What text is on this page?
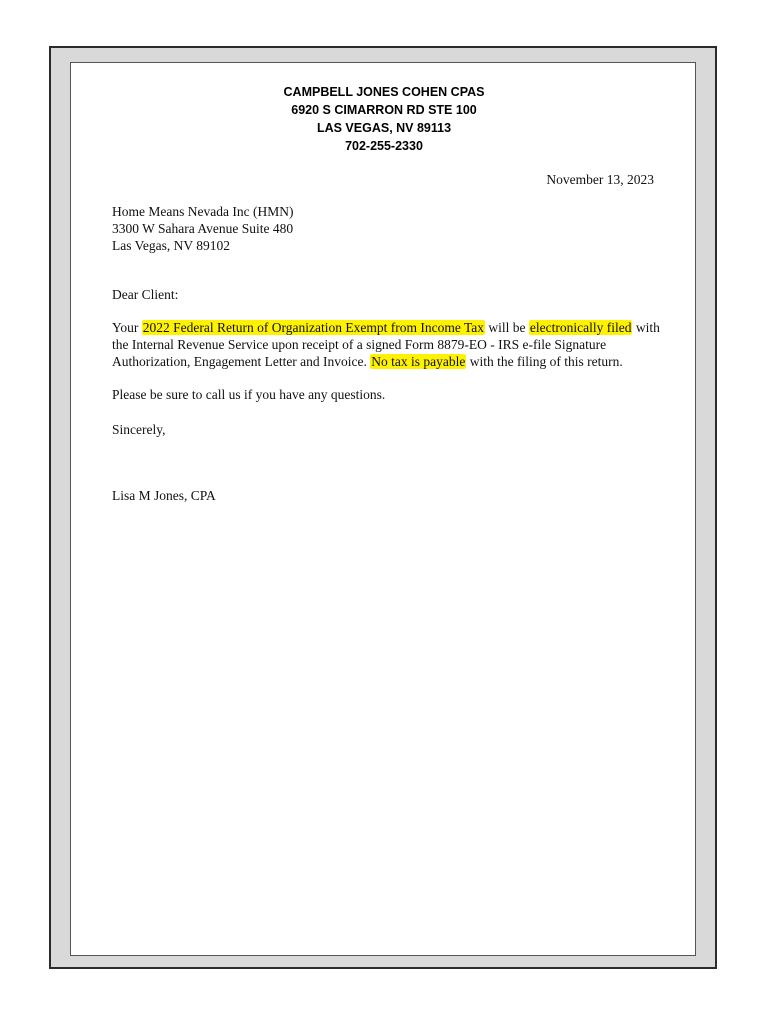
CAMPBELL JONES COHEN CPAS
6920 S CIMARRON RD STE 100
LAS VEGAS, NV 89113
702-255-2330
November 13, 2023
Home Means Nevada Inc (HMN)
3300 W Sahara Avenue Suite 480
Las Vegas, NV 89102
Dear Client:
Your 2022 Federal Return of Organization Exempt from Income Tax will be electronically filed with the Internal Revenue Service upon receipt of a signed Form 8879-EO - IRS e-file Signature Authorization, Engagement Letter and Invoice. No tax is payable with the filing of this return.
Please be sure to call us if you have any questions.
Sincerely,
Lisa M Jones, CPA
